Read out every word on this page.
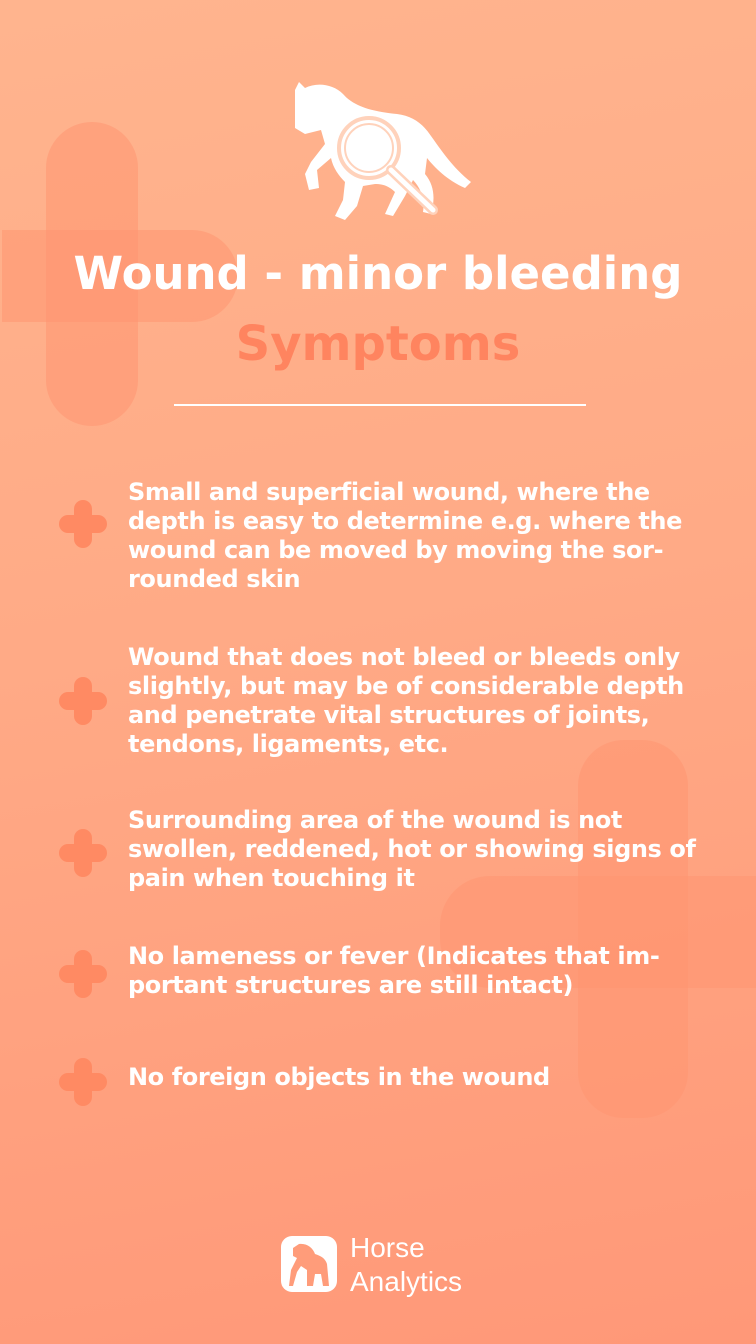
Wound - minor bleeding
Symptoms

Small and superficial wound, where the
depth is easy to determine e.g. where the
wound can be moved by moving the sor-
rounded skin

Wound that does not bleed or bleeds only
slightly, but may be of considerable depth
and penetrate vital structures of joints,
tendons, ligaments, etc.

Surrounding area of the wound is not
swollen, reddened, hot or showing signs of
pain when touching it

No lameness or fever (Indicates that im-
portant structures are still intact)

No foreign objects in the wound

Horse
Analytics
